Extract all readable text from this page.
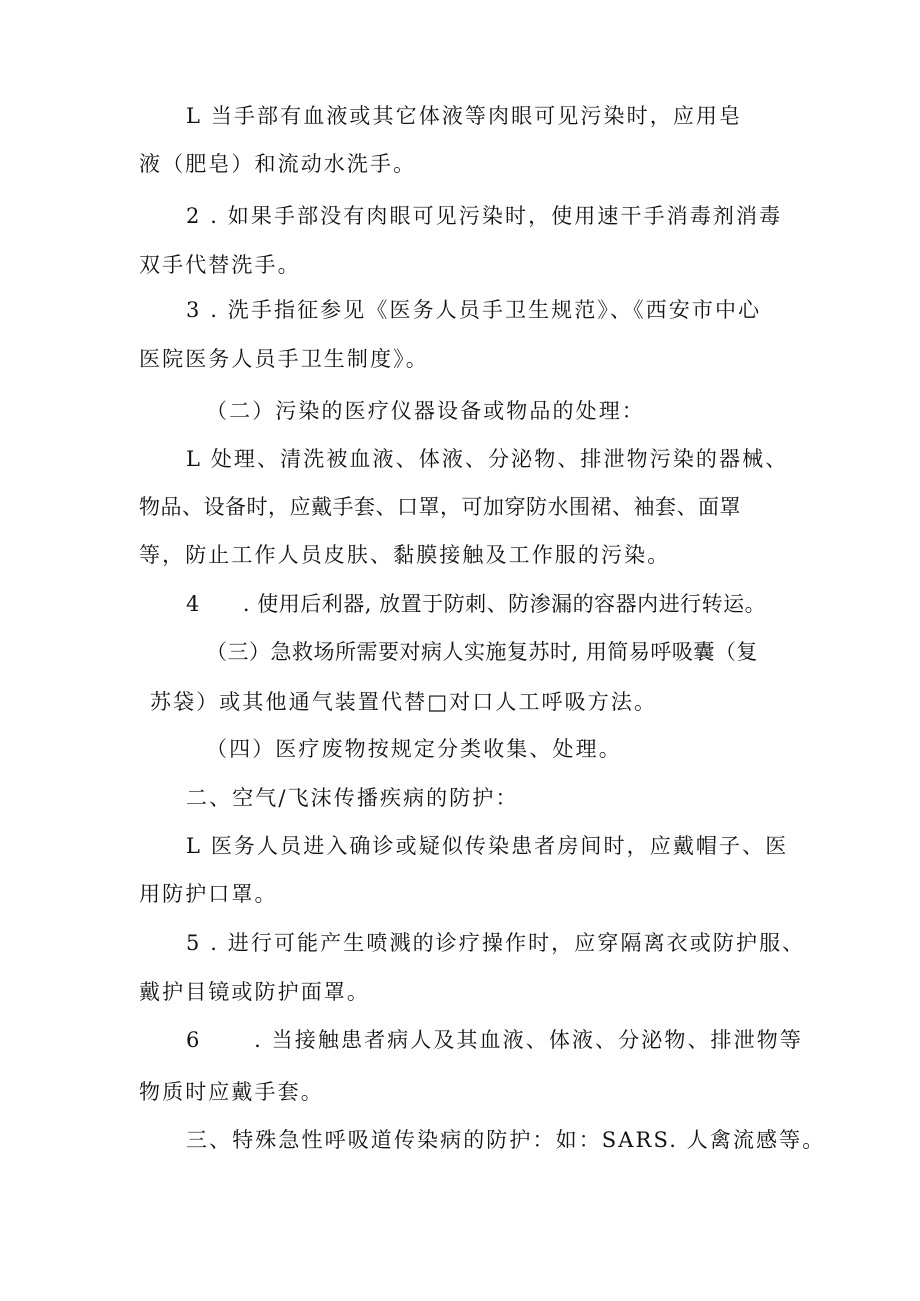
L 当手部有血液或其它体液等肉眼可见污染时，应用皂
液（肥皂）和流动水洗手。
2 . 如果手部没有肉眼可见污染时，使用速干手消毒剂消毒
双手代替洗手。
3 . 洗手指征参见《医务人员手卫生规范》、《西安市中心
医院医务人员手卫生制度》。
（二）污染的医疗仪器设备或物品的处理：
L 处理、清洗被血液、体液、分泌物、排泄物污染的器械、
物品、设备时，应戴手套、口罩，可加穿防水围裙、袖套、面罩
等，防止工作人员皮肤、黏膜接触及工作服的污染。
4      . 使用后利器, 放置于防刺、防渗漏的容器内进行转运。
（三）急救场所需要对病人实施复苏时, 用简易呼吸囊（复
苏袋）或其他通气装置代替□对口人工呼吸方法。
（四）医疗废物按规定分类收集、处理。
二、空气/飞沫传播疾病的防护：
L 医务人员进入确诊或疑似传染患者房间时，应戴帽子、医
用防护口罩。
5 . 进行可能产生喷溅的诊疗操作时，应穿隔离衣或防护服、
戴护目镜或防护面罩。
6      . 当接触患者病人及其血液、体液、分泌物、排泄物等
物质时应戴手套。
三、特殊急性呼吸道传染病的防护：如：SARS. 人禽流感等。
